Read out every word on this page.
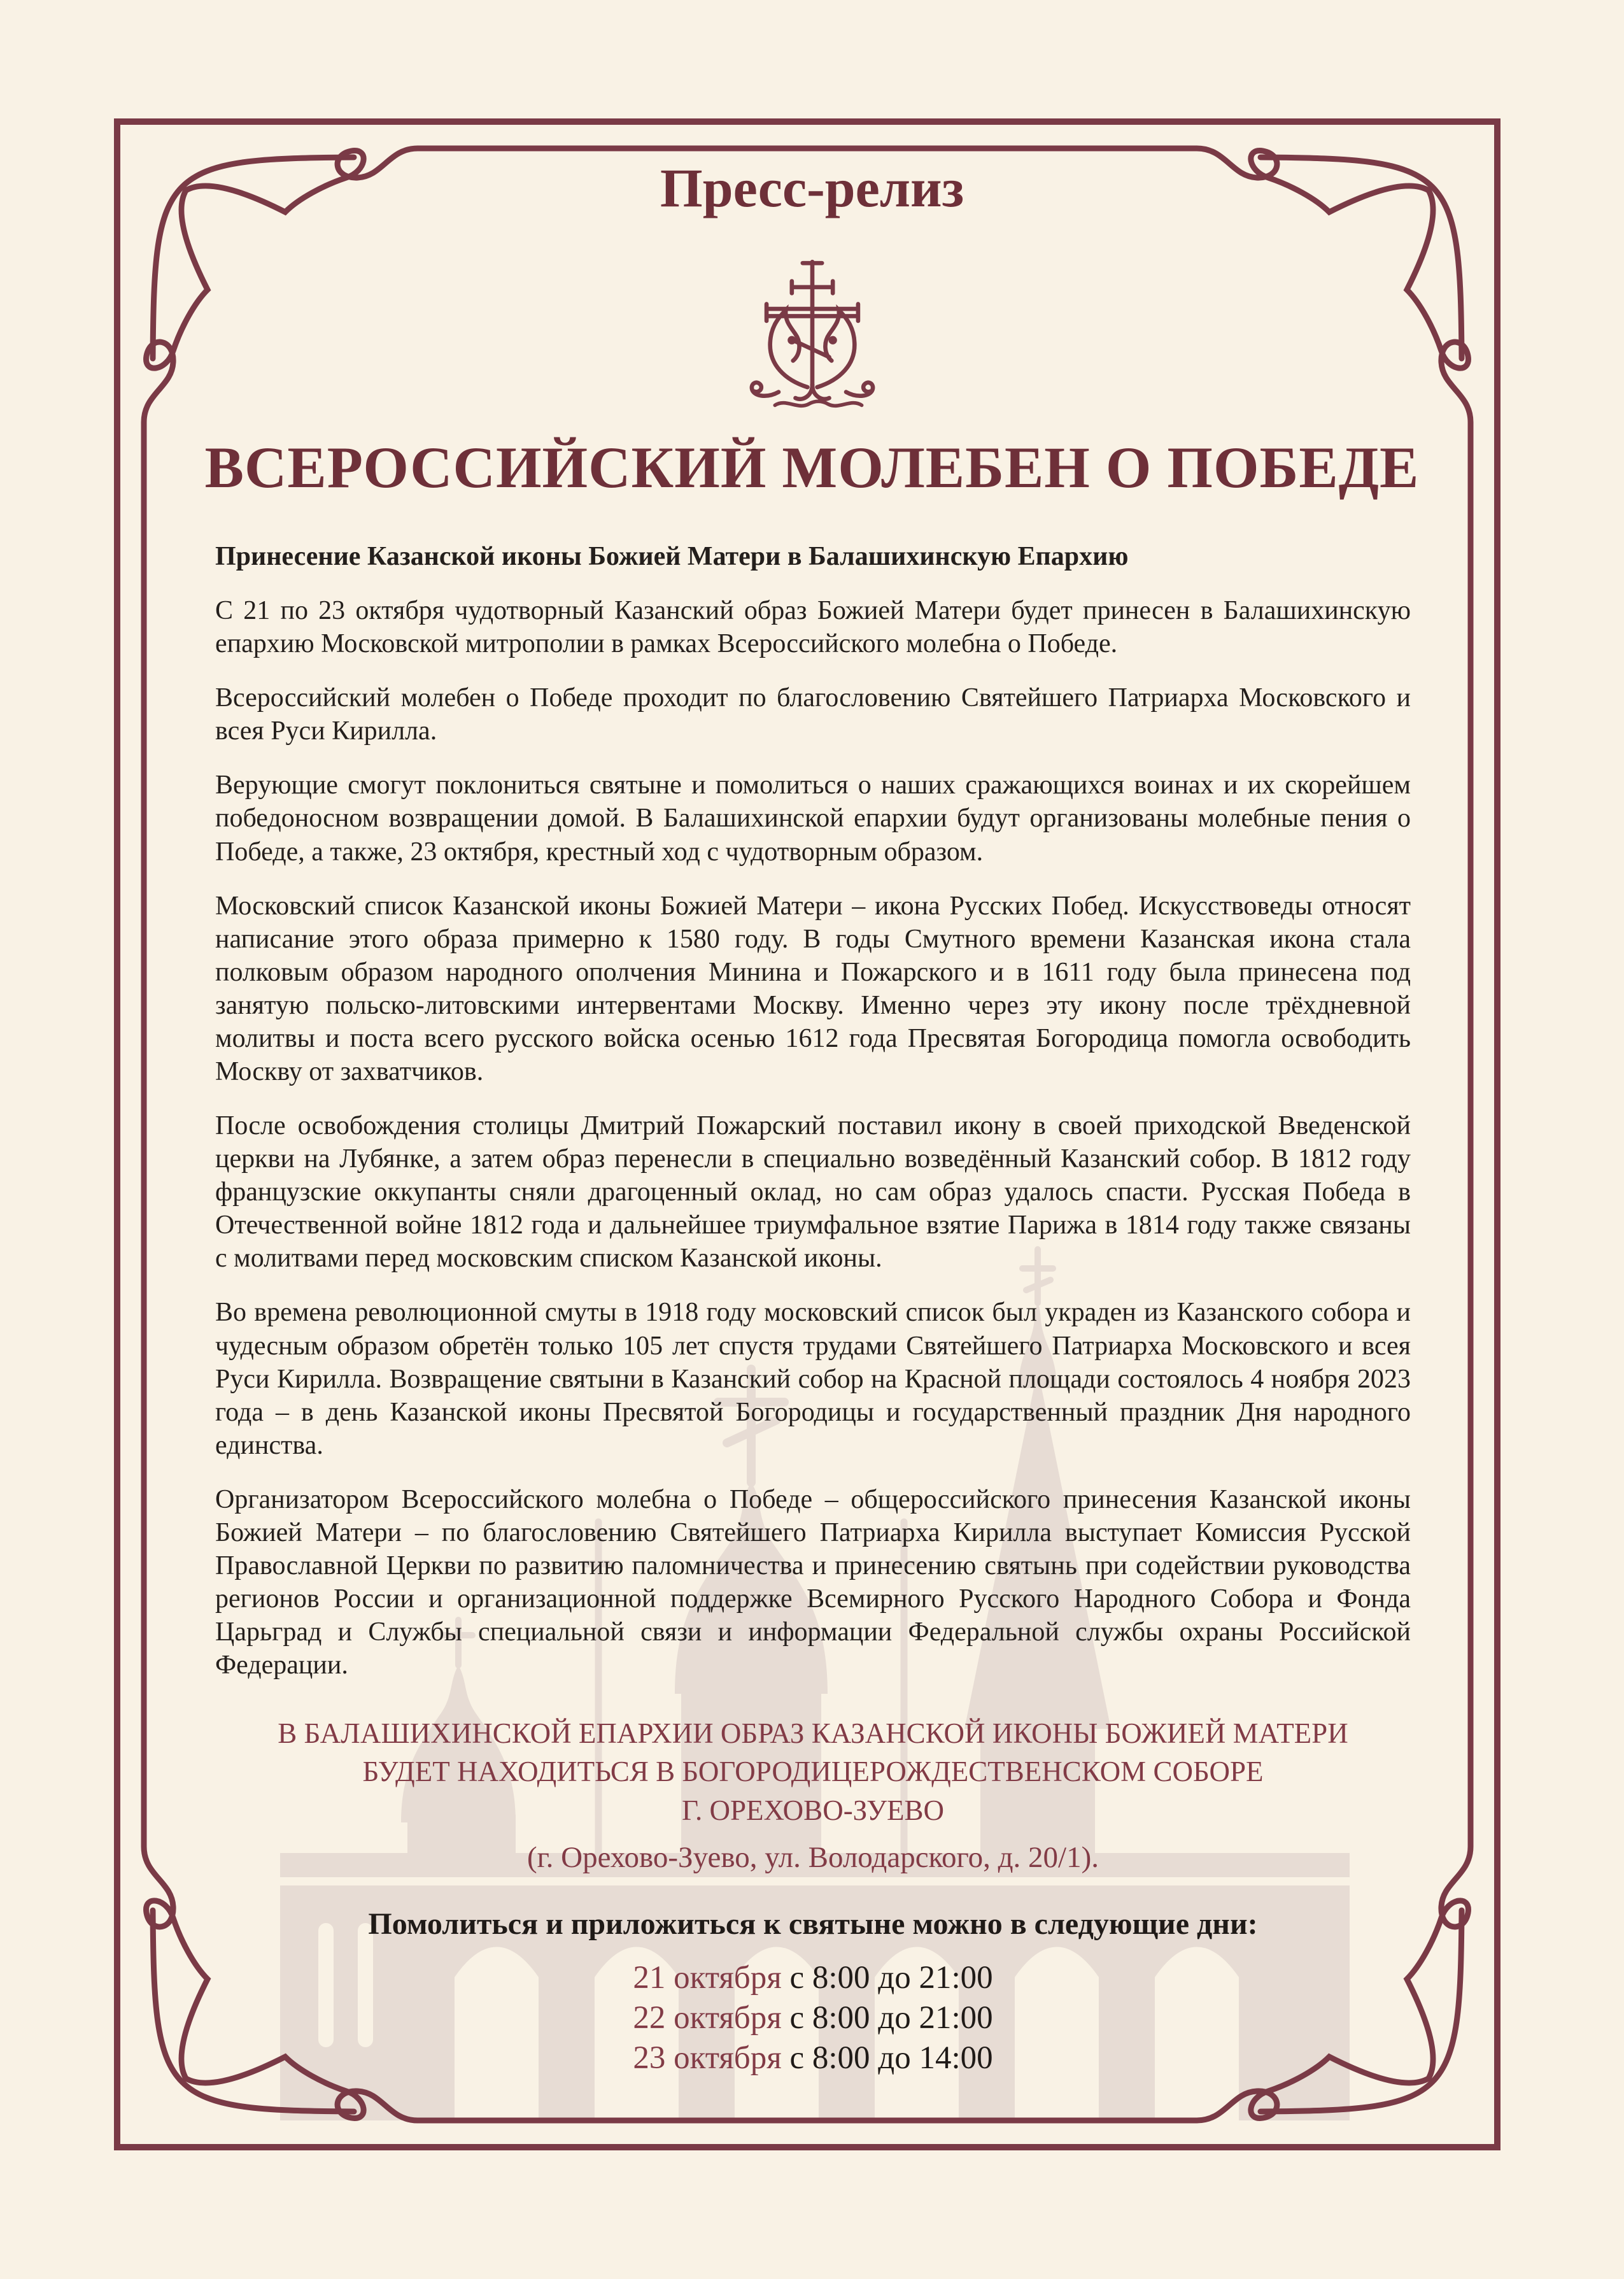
Пресс-релиз
ВСЕРОССИЙСКИЙ МОЛЕБЕН О ПОБЕДЕ

Принесение Казанской иконы Божией Матери в Балашихинскую Епархию

С 21 по 23 октября чудотворный Казанский образ Божией Матери будет принесен в Балашихинскую епархию Московской митрополии в рамках Всероссийского молебна о Победе.

Всероссийский молебен о Победе проходит по благословению Святейшего Патриарха Московского и всея Руси Кирилла.

Верующие смогут поклониться святыне и помолиться о наших сражающихся воинах и их скорейшем победоносном возвращении домой. В Балашихинской епархии будут организованы молебные пения о Победе, а также, 23 октября, крестный ход с чудотворным образом.

Московский список Казанской иконы Божией Матери – икона Русских Побед. Искусствоведы относят написание этого образа примерно к 1580 году. В годы Смутного времени Казанская икона стала полковым образом народного ополчения Минина и Пожарского и в 1611 году была принесена под занятую польско-литовскими интервентами Москву. Именно через эту икону после трёхдневной молитвы и поста всего русского войска осенью 1612 года Пресвятая Богородица помогла освободить Москву от захватчиков.

После освобождения столицы Дмитрий Пожарский поставил икону в своей приходской Введенской церкви на Лубянке, а затем образ перенесли в специально возведённый Казанский собор. В 1812 году французские оккупанты сняли драгоценный оклад, но сам образ удалось спасти. Русская Победа в Отечественной войне 1812 года и дальнейшее триумфальное взятие Парижа в 1814 году также связаны с молитвами перед московским списком Казанской иконы.

Во времена революционной смуты в 1918 году московский список был украден из Казанского собора и чудесным образом обретён только 105 лет спустя трудами Святейшего Патриарха Московского и всея Руси Кирилла. Возвращение святыни в Казанский собор на Красной площади состоялось 4 ноября 2023 года – в день Казанской иконы Пресвятой Богородицы и государственный праздник Дня народного единства.

Организатором Всероссийского молебна о Победе – общероссийского принесения Казанской иконы Божией Матери – по благословению Святейшего Патриарха Кирилла выступает Комиссия Русской Православной Церкви по развитию паломничества и принесению святынь при содействии руководства регионов России и организационной поддержке Всемирного Русского Народного Собора и Фонда Царьград и Службы специальной связи и информации Федеральной службы охраны Российской Федерации.

В БАЛАШИХИНСКОЙ ЕПАРХИИ ОБРАЗ КАЗАНСКОЙ ИКОНЫ БОЖИЕЙ МАТЕРИ
БУДЕТ НАХОДИТЬСЯ В БОГОРОДИЦЕРОЖДЕСТВЕНСКОМ СОБОРЕ
Г. ОРЕХОВО-ЗУЕВО
(г. Орехово-Зуево, ул. Володарского, д. 20/1).
Помолиться и приложиться к святыне можно в следующие дни:
21 октября с 8:00 до 21:00
22 октября с 8:00 до 21:00
23 октября с 8:00 до 14:00
